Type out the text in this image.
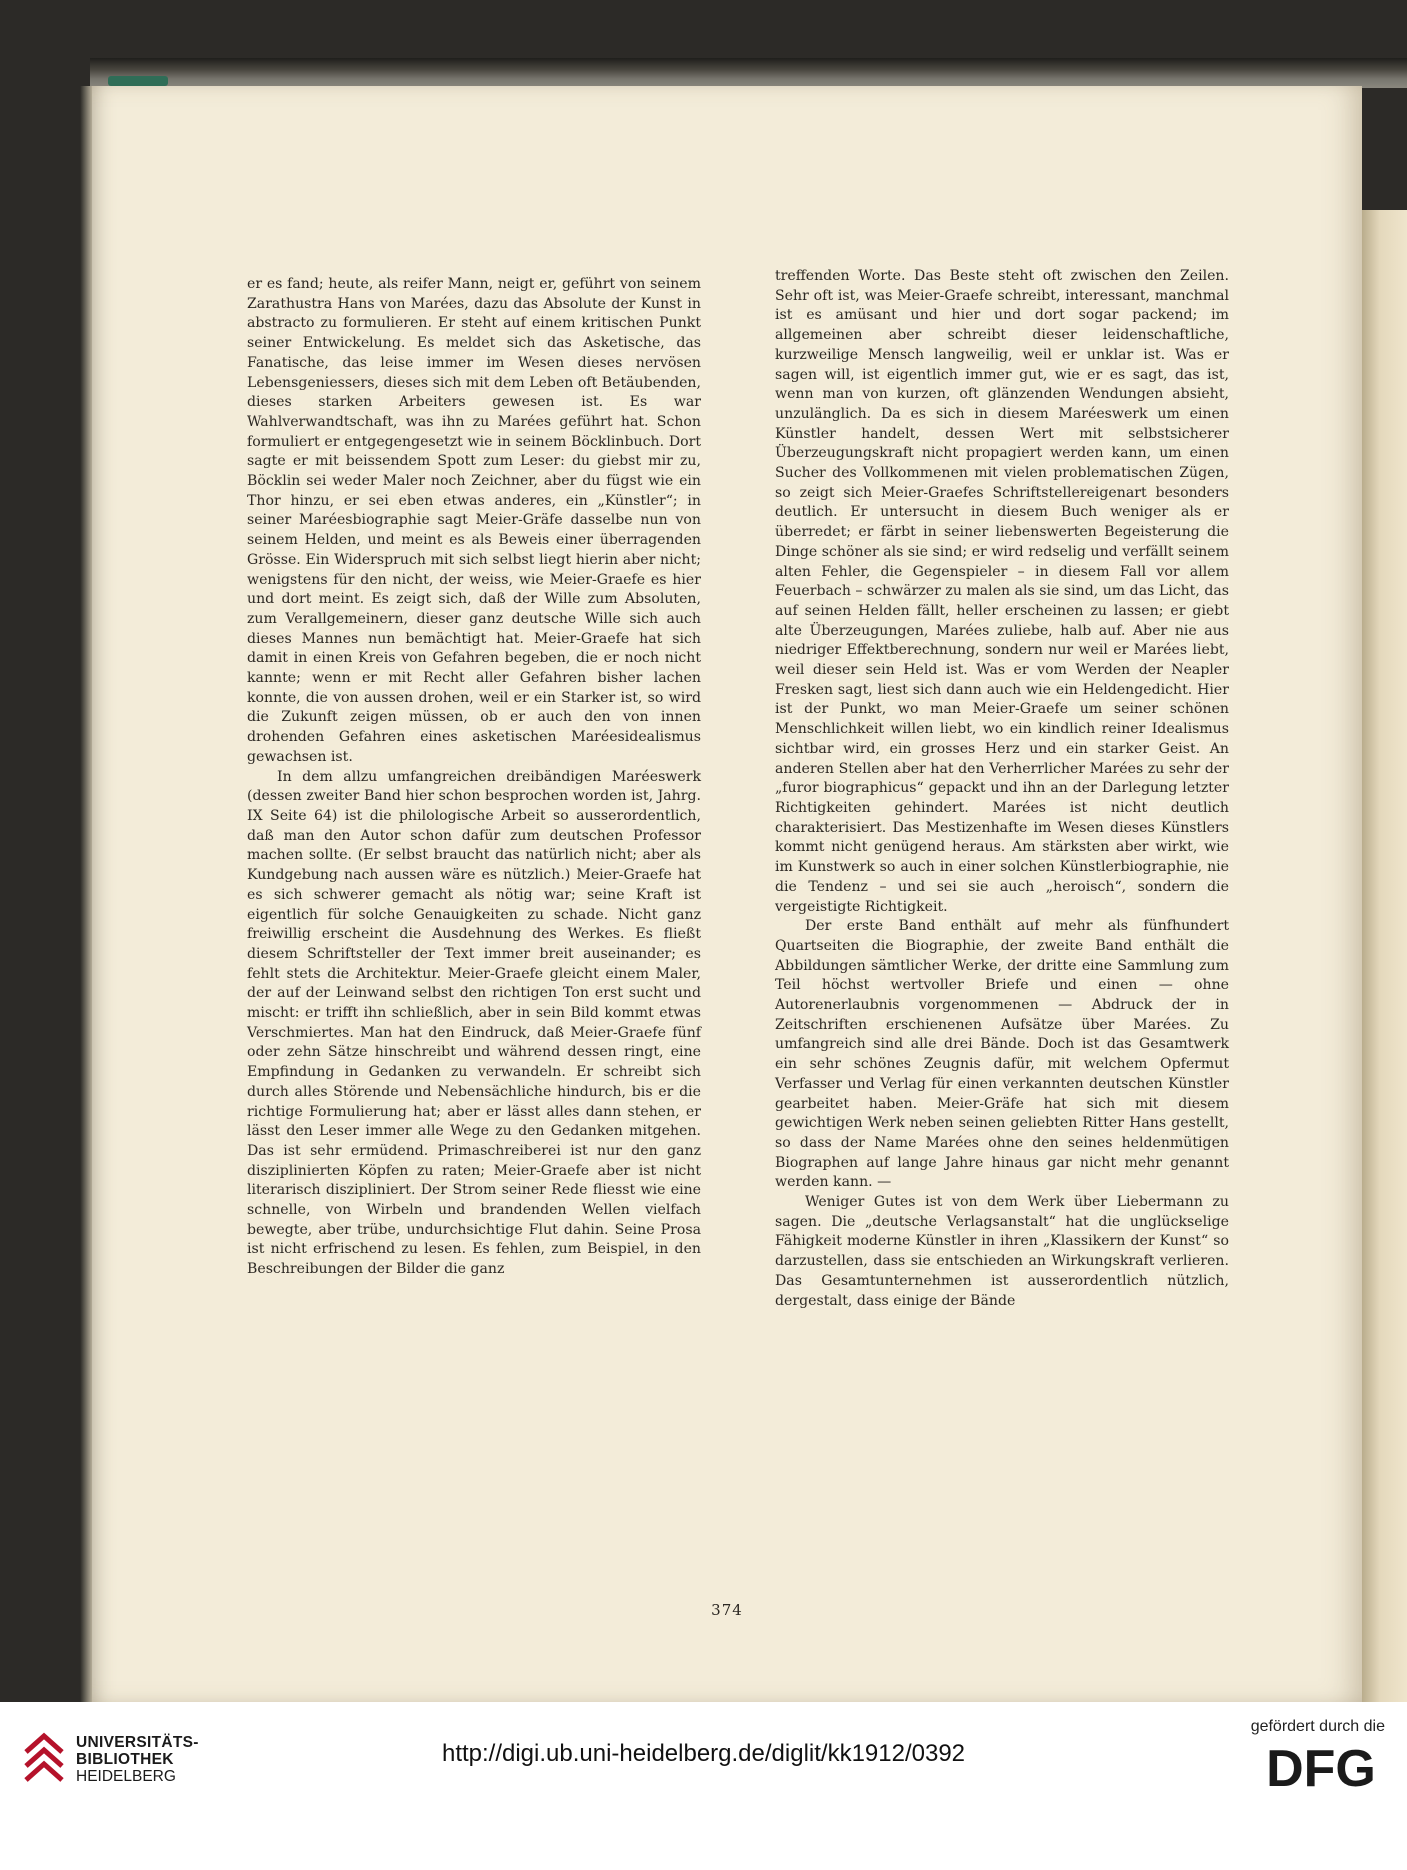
er es fand; heute, als reifer Mann, neigt er, geführt von seinem Zarathustra Hans von Marées, dazu das Absolute der Kunst in abstracto zu formulieren. Er steht auf einem kritischen Punkt seiner Entwickelung. Es meldet sich das Asketische, das Fanatische, das leise immer im Wesen dieses nervösen Lebensgeniessers, dieses sich mit dem Leben oft Betäubenden, dieses starken Arbeiters gewesen ist. Es war Wahlverwandtschaft, was ihn zu Marées geführt hat. Schon formuliert er entgegengesetzt wie in seinem Böcklinbuch. Dort sagte er mit beissendem Spott zum Leser: du giebst mir zu, Böcklin sei weder Maler noch Zeichner, aber du fügst wie ein Thor hinzu, er sei eben etwas anderes, ein „Künstler“; in seiner Maréesbiographie sagt Meier-Gräfe dasselbe nun von seinem Helden, und meint es als Beweis einer überragenden Grösse. Ein Widerspruch mit sich selbst liegt hierin aber nicht; wenigstens für den nicht, der weiss, wie Meier-Graefe es hier und dort meint. Es zeigt sich, daß der Wille zum Absoluten, zum Verallgemeinern, dieser ganz deutsche Wille sich auch dieses Mannes nun bemächtigt hat. Meier-Graefe hat sich damit in einen Kreis von Gefahren begeben, die er noch nicht kannte; wenn er mit Recht aller Gefahren bisher lachen konnte, die von aussen drohen, weil er ein Starker ist, so wird die Zukunft zeigen müssen, ob er auch den von innen drohenden Gefahren eines asketischen Maréesidealismus gewachsen ist.

In dem allzu umfangreichen dreibändigen Maréeswerk (dessen zweiter Band hier schon besprochen worden ist, Jahrg. IX Seite 64) ist die philologische Arbeit so ausserordentlich, daß man den Autor schon dafür zum deutschen Professor machen sollte. (Er selbst braucht das natürlich nicht; aber als Kundgebung nach aussen wäre es nützlich.) Meier-Graefe hat es sich schwerer gemacht als nötig war; seine Kraft ist eigentlich für solche Genauigkeiten zu schade. Nicht ganz freiwillig erscheint die Ausdehnung des Werkes. Es fließt diesem Schriftsteller der Text immer breit auseinander; es fehlt stets die Architektur. Meier-Graefe gleicht einem Maler, der auf der Leinwand selbst den richtigen Ton erst sucht und mischt: er trifft ihn schließlich, aber in sein Bild kommt etwas Verschmiertes. Man hat den Eindruck, daß Meier-Graefe fünf oder zehn Sätze hinschreibt und während dessen ringt, eine Empfindung in Gedanken zu verwandeln. Er schreibt sich durch alles Störende und Nebensächliche hindurch, bis er die richtige Formulierung hat; aber er lässt alles dann stehen, er lässt den Leser immer alle Wege zu den Gedanken mitgehen. Das ist sehr ermüdend. Primaschreiberei ist nur den ganz disziplinierten Köpfen zu raten; Meier-Graefe aber ist nicht literarisch diszipliniert. Der Strom seiner Rede fliesst wie eine schnelle, von Wirbeln und brandenden Wellen vielfach bewegte, aber trübe, undurchsichtige Flut dahin. Seine Prosa ist nicht erfrischend zu lesen. Es fehlen, zum Beispiel, in den Beschreibungen der Bilder die ganz

treffenden Worte. Das Beste steht oft zwischen den Zeilen. Sehr oft ist, was Meier-Graefe schreibt, interessant, manchmal ist es amüsant und hier und dort sogar packend; im allgemeinen aber schreibt dieser leidenschaftliche, kurzweilige Mensch langweilig, weil er unklar ist. Was er sagen will, ist eigentlich immer gut, wie er es sagt, das ist, wenn man von kurzen, oft glänzenden Wendungen absieht, unzulänglich. Da es sich in diesem Maréeswerk um einen Künstler handelt, dessen Wert mit selbstsicherer Überzeugungskraft nicht propagiert werden kann, um einen Sucher des Vollkommenen mit vielen problematischen Zügen, so zeigt sich Meier-Graefes Schriftstellereigenart besonders deutlich. Er untersucht in diesem Buch weniger als er überredet; er färbt in seiner liebenswerten Begeisterung die Dinge schöner als sie sind; er wird redselig und verfällt seinem alten Fehler, die Gegenspieler – in diesem Fall vor allem Feuerbach – schwärzer zu malen als sie sind, um das Licht, das auf seinen Helden fällt, heller erscheinen zu lassen; er giebt alte Überzeugungen, Marées zuliebe, halb auf. Aber nie aus niedriger Effektberechnung, sondern nur weil er Marées liebt, weil dieser sein Held ist. Was er vom Werden der Neapler Fresken sagt, liest sich dann auch wie ein Heldengedicht. Hier ist der Punkt, wo man Meier-Graefe um seiner schönen Menschlichkeit willen liebt, wo ein kindlich reiner Idealismus sichtbar wird, ein grosses Herz und ein starker Geist. An anderen Stellen aber hat den Verherrlicher Marées zu sehr der „furor biographicus“ gepackt und ihn an der Darlegung letzter Richtigkeiten gehindert. Marées ist nicht deutlich charakterisiert. Das Mestizenhafte im Wesen dieses Künstlers kommt nicht genügend heraus. Am stärksten aber wirkt, wie im Kunstwerk so auch in einer solchen Künstlerbiographie, nie die Tendenz – und sei sie auch „heroisch“, sondern die vergeistigte Richtigkeit.

Der erste Band enthält auf mehr als fünfhundert Quartseiten die Biographie, der zweite Band enthält die Abbildungen sämtlicher Werke, der dritte eine Sammlung zum Teil höchst wertvoller Briefe und einen — ohne Autorenerlaubnis vorgenommenen — Abdruck der in Zeitschriften erschienenen Aufsätze über Marées. Zu umfangreich sind alle drei Bände. Doch ist das Gesamtwerk ein sehr schönes Zeugnis dafür, mit welchem Opfermut Verfasser und Verlag für einen verkannten deutschen Künstler gearbeitet haben. Meier-Gräfe hat sich mit diesem gewichtigen Werk neben seinen geliebten Ritter Hans gestellt, so dass der Name Marées ohne den seines heldenmütigen Biographen auf lange Jahre hinaus gar nicht mehr genannt werden kann. —

Weniger Gutes ist von dem Werk über Liebermann zu sagen. Die „deutsche Verlagsanstalt“ hat die unglückselige Fähigkeit moderne Künstler in ihren „Klassikern der Kunst“ so darzustellen, dass sie entschieden an Wirkungskraft verlieren. Das Gesamtunternehmen ist ausserordentlich nützlich, dergestalt, dass einige der Bände

374
UNIVERSITÄTS-
BIBLIOTHEK
HEIDELBERG
http://digi.ub.uni-heidelberg.de/diglit/kk1912/0392
gefördert durch die
DFG
